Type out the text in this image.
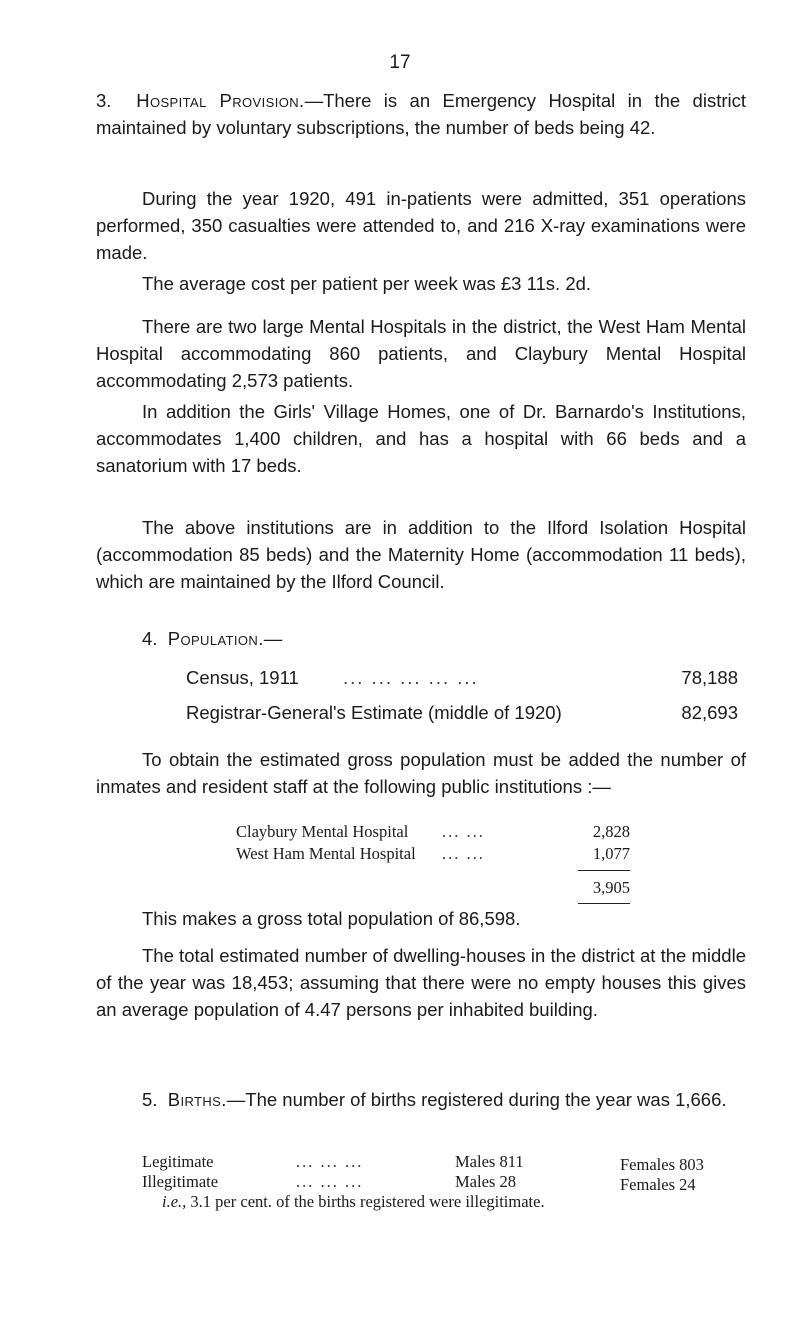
17
3. Hospital Provision.—There is an Emergency Hospital in the district maintained by voluntary subscriptions, the number of beds being 42.
During the year 1920, 491 in-patients were admitted, 351 operations performed, 350 casualties were attended to, and 216 X-ray examinations were made.
The average cost per patient per week was £3 11s. 2d.
There are two large Mental Hospitals in the district, the West Ham Mental Hospital accommodating 860 patients, and Claybury Mental Hospital accommodating 2,573 patients.
In addition the Girls' Village Homes, one of Dr. Barnardo's Institutions, accommodates 1,400 children, and has a hospital with 66 beds and a sanatorium with 17 beds.
The above institutions are in addition to the Ilford Isolation Hospital (accommodation 85 beds) and the Maternity Home (accommodation 11 beds), which are maintained by the Ilford Council.
4. Population.—
Census, 1911 ... ... ... ... ...	78,188
Registrar-General's Estimate (middle of 1920)	82,693
To obtain the estimated gross population must be added the number of inmates and resident staff at the following public institutions :—
Claybury Mental Hospital ... ...	2,828
West Ham Mental Hospital ... ...	1,077
3,905
This makes a gross total population of 86,598.
The total estimated number of dwelling-houses in the district at the middle of the year was 18,453; assuming that there were no empty houses this gives an average population of 4.47 persons per inhabited building.
5. Births.—The number of births registered during the year was 1,666.
Legitimate	... ... ...	Males 811	Females 803
Illegitimate	... ... ...	Males 28	Females 24
i.e., 3.1 per cent. of the births registered were illegitimate.
